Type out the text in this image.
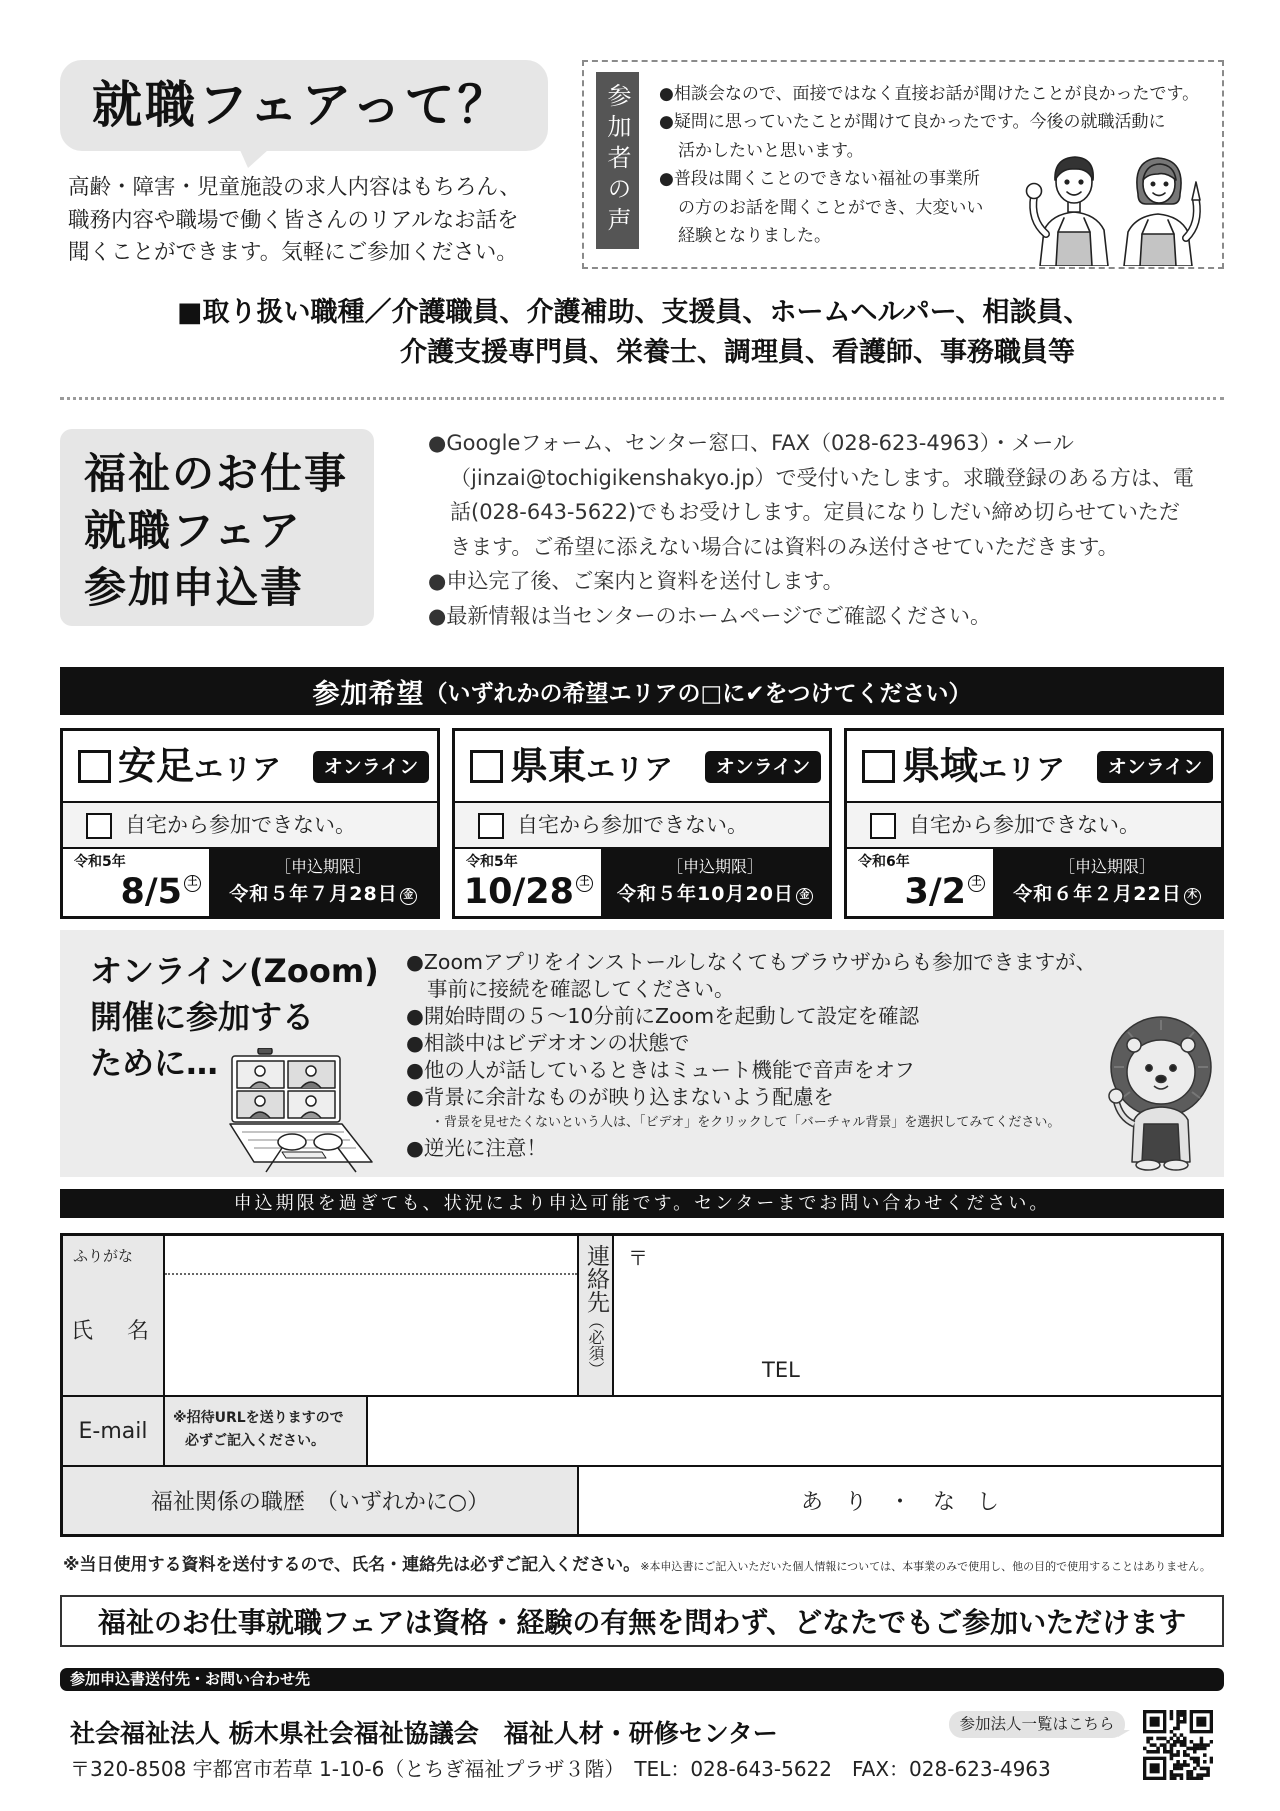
就職フェアって？
高齢・障害・児童施設の求人内容はもちろん、
職務内容や職場で働く皆さんのリアルなお話を
聞くことができます。気軽にご参加ください。
参加者の声	●相談会なので、面接ではなく直接お話が聞けたことが良かったです。
●疑問に思っていたことが聞けて良かったです。今後の就職活動に
活かしたいと思います。
●普段は聞くことのできない福祉の事業所
の方のお話を聞くことができ、大変いい
経験となりました。
■取り扱い職種／介護職員、介護補助、支援員、ホームヘルパー、相談員、
介護支援専門員、栄養士、調理員、看護師、事務職員等
福祉のお仕事
就職フェア
参加申込書
●Googleフォーム、センター窓口、FAX（028-623-4963）・メール
（jinzai@tochigikenshakyo.jp）で受付いたします。求職登録のある方は、電
話(028-643-5622)でもお受けします。定員になりしだい締め切らせていただ
きます。ご希望に添えない場合には資料のみ送付させていただきます。
●申込完了後、ご案内と資料を送付します。
●最新情報は当センターのホームページでご確認ください。
参加希望 （いずれかの希望エリアの□に✔をつけてください）
安足エリア	オンライン
自宅から参加できない。
令和5年
8/5 土
［申込期限］
令和５年７月28日 金
県東エリア	オンライン
自宅から参加できない。
令和5年
10/28 土
［申込期限］
令和５年10月20日 金
県域エリア	オンライン
自宅から参加できない。
令和6年
3/2 土
［申込期限］
令和６年２月22日 木
オンライン(Zoom)
開催に参加する
ために…
●Zoomアプリをインストールしなくてもブラウザからも参加できますが、
事前に接続を確認してください。
●開始時間の５～10分前にZoomを起動して設定を確認
●相談中はビデオオンの状態で
●他の人が話しているときはミュート機能で音声をオフ
●背景に余計なものが映り込まないよう配慮を
・背景を見せたくないという人は、「ビデオ」をクリックして「バーチャル背景」を選択してみてください。
●逆光に注意！
申込期限を過ぎても、状況により申込可能です。センターまでお問い合わせください。
ふりがな
氏　名
連絡先
（必須）
〒
TEL
E-mail
※招待URLを送りますので
必ずご記入ください。
福祉関係の職歴　（いずれかに○）	あ　り　・　な　し
※当日使用する資料を送付するので、氏名・連絡先は必ずご記入ください。※本申込書にご記入いただいた個人情報については、本事業のみで使用し、他の目的で使用することはありません。
福祉のお仕事就職フェアは資格・経験の有無を問わず、どなたでもご参加いただけます
参加申込書送付先・お問い合わせ先
社会福祉法人 栃木県社会福祉協議会　福祉人材・研修センター
〒320-8508 宇都宮市若草 1-10-6（とちぎ福祉プラザ３階）　TEL：028-643-5622　FAX：028-623-4963
参加法人一覧はこちら
